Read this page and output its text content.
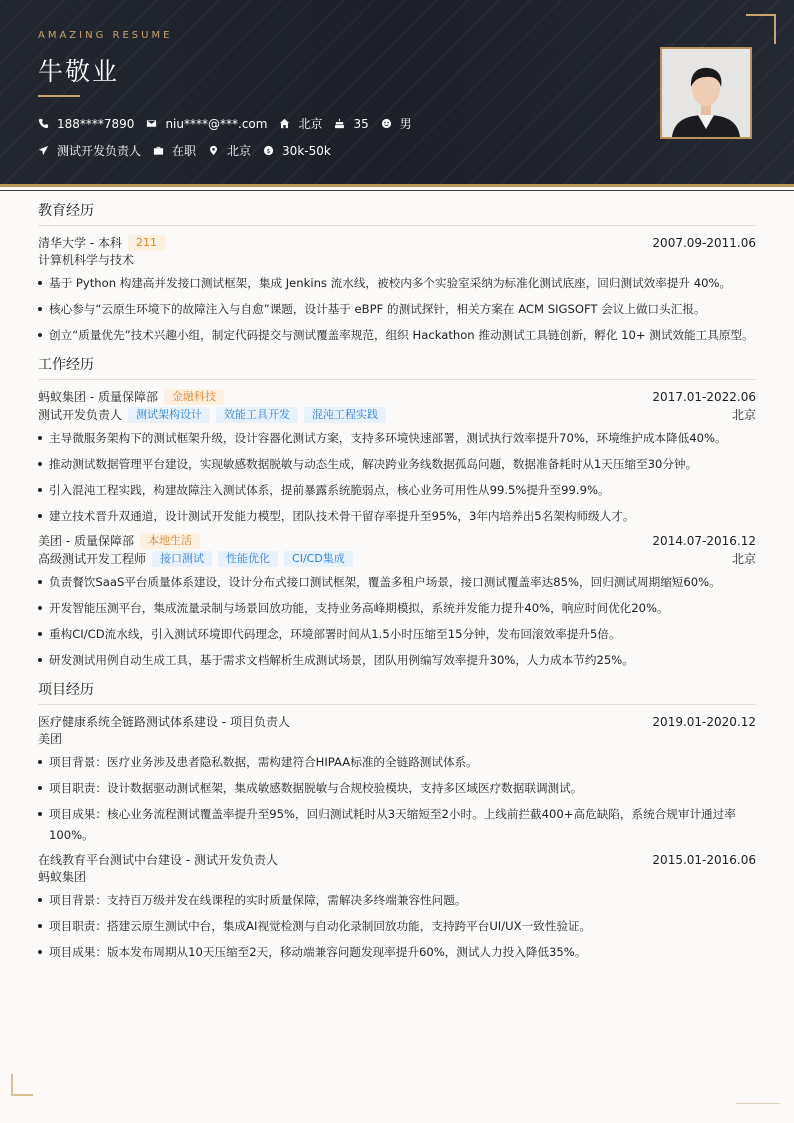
AMAZING RESUME
牛敬业
188****7890	niu****@***.com	北京	35	男
测试开发负责人	在职	北京 $ 30k-50k
教育经历
清华大学 - 本科	211	2007.09-2011.06
计算机科学与技术
基于 Python 构建高并发接口测试框架，集成 Jenkins 流水线，被校内多个实验室采纳为标准化测试底座，回归测试效率提升 40%。
核心参与“云原生环境下的故障注入与自愈”课题，设计基于 eBPF 的测试探针，相关方案在 ACM SIGSOFT 会议上做口头汇报。
创立“质量优先”技术兴趣小组，制定代码提交与测试覆盖率规范，组织 Hackathon 推动测试工具链创新，孵化 10+ 测试效能工具原型。
工作经历
蚂蚁集团 - 质量保障部	金融科技	2017.01-2022.06
测试开发负责人	测试架构设计	效能工具开发	混沌工程实践	北京
主导微服务架构下的测试框架升级，设计容器化测试方案，支持多环境快速部署，测试执行效率提升70%，环境维护成本降低40%。
推动测试数据管理平台建设，实现敏感数据脱敏与动态生成，解决跨业务线数据孤岛问题，数据准备耗时从1天压缩至30分钟。
引入混沌工程实践，构建故障注入测试体系，提前暴露系统脆弱点，核心业务可用性从99.5%提升至99.9%。
建立技术晋升双通道，设计测试开发能力模型，团队技术骨干留存率提升至95%，3年内培养出5名架构师级人才。
美团 - 质量保障部	本地生活	2014.07-2016.12
高级测试开发工程师	接口测试	性能优化	CI/CD集成	北京
负责餐饮SaaS平台质量体系建设，设计分布式接口测试框架，覆盖多租户场景，接口测试覆盖率达85%，回归测试周期缩短60%。
开发智能压测平台，集成流量录制与场景回放功能，支持业务高峰期模拟，系统并发能力提升40%，响应时间优化20%。
重构CI/CD流水线，引入测试环境即代码理念，环境部署时间从1.5小时压缩至15分钟，发布回滚效率提升5倍。
研发测试用例自动生成工具，基于需求文档解析生成测试场景，团队用例编写效率提升30%，人力成本节约25%。
项目经历
医疗健康系统全链路测试体系建设 - 项目负责人	2019.01-2020.12
美团
项目背景：医疗业务涉及患者隐私数据，需构建符合HIPAA标准的全链路测试体系。
项目职责：设计数据驱动测试框架，集成敏感数据脱敏与合规校验模块，支持多区域医疗数据联调测试。
项目成果：核心业务流程测试覆盖率提升至95%，回归测试耗时从3天缩短至2小时。上线前拦截400+高危缺陷，系统合规审计通过率100%。
在线教育平台测试中台建设 - 测试开发负责人	2015.01-2016.06
蚂蚁集团
项目背景：支持百万级并发在线课程的实时质量保障，需解决多终端兼容性问题。
项目职责：搭建云原生测试中台，集成AI视觉检测与自动化录制回放功能，支持跨平台UI/UX一致性验证。
项目成果：版本发布周期从10天压缩至2天，移动端兼容问题发现率提升60%，测试人力投入降低35%。
